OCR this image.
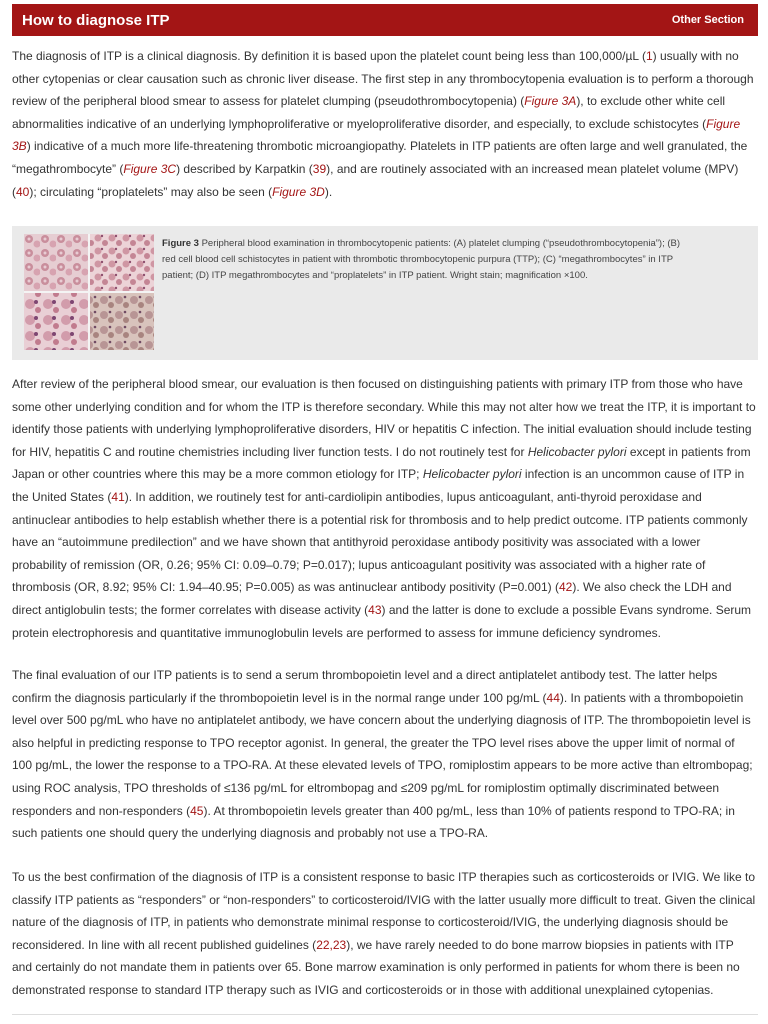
How to diagnose ITP	Other Section

The diagnosis of ITP is a clinical diagnosis. By definition it is based upon the platelet count being less than 100,000/µL (1) usually with no other cytopenias or clear causation such as chronic liver disease. The first step in any thrombocytopenia evaluation is to perform a thorough review of the peripheral blood smear to assess for platelet clumping (pseudothrombocytopenia) (Figure 3A), to exclude other white cell abnormalities indicative of an underlying lymphoproliferative or myeloproliferative disorder, and especially, to exclude schistocytes (Figure 3B) indicative of a much more life-threatening thrombotic microangiopathy. Platelets in ITP patients are often large and well granulated, the “megathrombocyte” (Figure 3C) described by Karpatkin (39), and are routinely associated with an increased mean platelet volume (MPV) (40); circulating “proplatelets” may also be seen (Figure 3D).

Figure 3 Peripheral blood examination in thrombocytopenic patients: (A) platelet clumping (“pseudothrombocytopenia”); (B) red cell blood cell schistocytes in patient with thrombotic thrombocytopenic purpura (TTP); (C) “megathrombocytes” in ITP patient; (D) ITP megathrombocytes and “proplatelets” in ITP patient. Wright stain; magnification ×100.

After review of the peripheral blood smear, our evaluation is then focused on distinguishing patients with primary ITP from those who have some other underlying condition and for whom the ITP is therefore secondary. While this may not alter how we treat the ITP, it is important to identify those patients with underlying lymphoproliferative disorders, HIV or hepatitis C infection. The initial evaluation should include testing for HIV, hepatitis C and routine chemistries including liver function tests. I do not routinely test for Helicobacter pylori except in patients from Japan or other countries where this may be a more common etiology for ITP; Helicobacter pylori infection is an uncommon cause of ITP in the United States (41). In addition, we routinely test for anti-cardiolipin antibodies, lupus anticoagulant, anti-thyroid peroxidase and antinuclear antibodies to help establish whether there is a potential risk for thrombosis and to help predict outcome. ITP patients commonly have an “autoimmune predilection” and we have shown that antithyroid peroxidase antibody positivity was associated with a lower probability of remission (OR, 0.26; 95% CI: 0.09–0.79; P=0.017); lupus anticoagulant positivity was associated with a higher rate of thrombosis (OR, 8.92; 95% CI: 1.94–40.95; P=0.005) as was antinuclear antibody positivity (P=0.001) (42). We also check the LDH and direct antiglobulin tests; the former correlates with disease activity (43) and the latter is done to exclude a possible Evans syndrome. Serum protein electrophoresis and quantitative immunoglobulin levels are performed to assess for immune deficiency syndromes.

The final evaluation of our ITP patients is to send a serum thrombopoietin level and a direct antiplatelet antibody test. The latter helps confirm the diagnosis particularly if the thrombopoietin level is in the normal range under 100 pg/mL (44). In patients with a thrombopoietin level over 500 pg/mL who have no antiplatelet antibody, we have concern about the underlying diagnosis of ITP. The thrombopoietin level is also helpful in predicting response to TPO receptor agonist. In general, the greater the TPO level rises above the upper limit of normal of 100 pg/mL, the lower the response to a TPO-RA. At these elevated levels of TPO, romiplostim appears to be more active than eltrombopag; using ROC analysis, TPO thresholds of ≤136 pg/mL for eltrombopag and ≤209 pg/mL for romiplostim optimally discriminated between responders and non-responders (45). At thrombopoietin levels greater than 400 pg/mL, less than 10% of patients respond to TPO-RA; in such patients one should query the underlying diagnosis and probably not use a TPO-RA.

To us the best confirmation of the diagnosis of ITP is a consistent response to basic ITP therapies such as corticosteroids or IVIG. We like to classify ITP patients as “responders” or “non-responders” to corticosteroid/IVIG with the latter usually more difficult to treat. Given the clinical nature of the diagnosis of ITP, in patients who demonstrate minimal response to corticosteroid/IVIG, the underlying diagnosis should be reconsidered. In line with all recent published guidelines (22,23), we have rarely needed to do bone marrow biopsies in patients with ITP and certainly do not mandate them in patients over 65. Bone marrow examination is only performed in patients for whom there is been no demonstrated response to standard ITP therapy such as IVIG and corticosteroids or in those with additional unexplained cytopenias.
